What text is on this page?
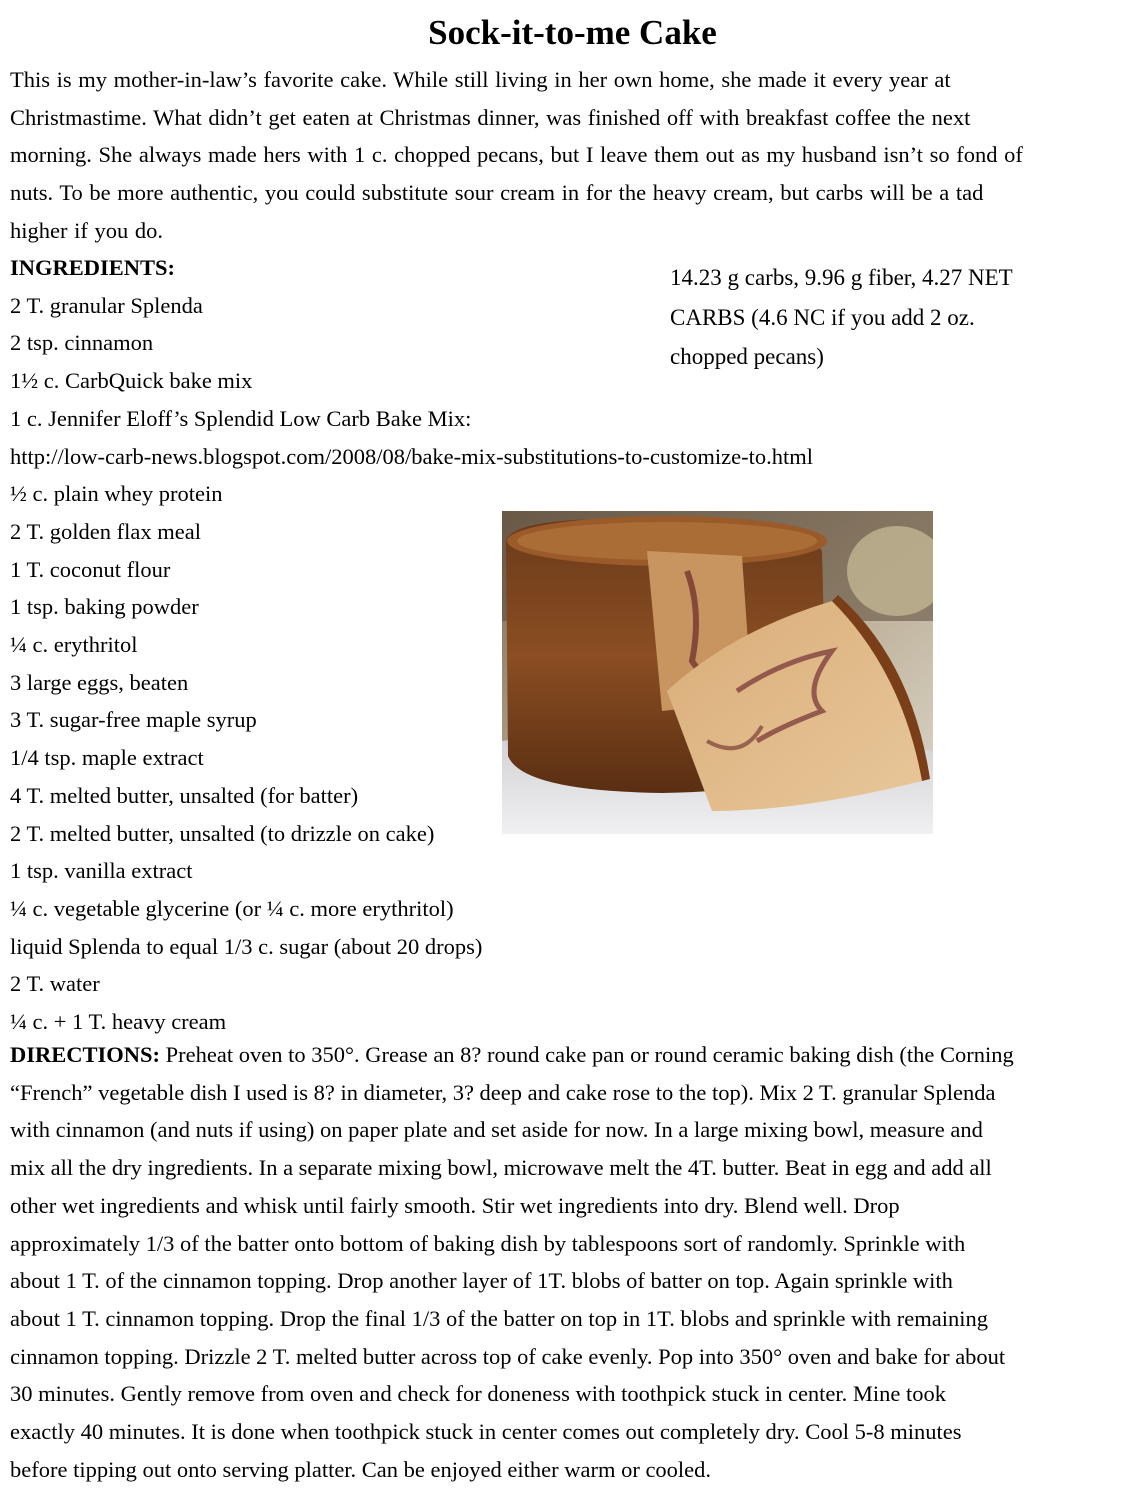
Sock-it-to-me Cake
This is my mother-in-law’s favorite cake. While still living in her own home, she made it every year at
Christmastime. What didn’t get eaten at Christmas dinner, was finished off with breakfast coffee the next
morning. She always made hers with 1 c. chopped pecans, but I leave them out as my husband isn’t so fond of
nuts. To be more authentic, you could substitute sour cream in for the heavy cream, but carbs will be a tad
higher if you do.
14.23 g carbs, 9.96 g fiber, 4.27 NET
CARBS (4.6 NC if you add 2 oz.
chopped pecans)
INGREDIENTS:
2 T. granular Splenda
2 tsp. cinnamon
1½ c. CarbQuick bake mix
1 c. Jennifer Eloff’s Splendid Low Carb Bake Mix:
http://low-carb-news.blogspot.com/2008/08/bake-mix-substitutions-to-customize-to.html
½ c. plain whey protein
2 T. golden flax meal
1 T. coconut flour
1 tsp. baking powder
¼ c. erythritol
3 large eggs, beaten
3 T. sugar-free maple syrup
1/4 tsp. maple extract
4 T. melted butter, unsalted (for batter)
2 T. melted butter, unsalted (to drizzle on cake)
1 tsp. vanilla extract
¼ c. vegetable glycerine (or ¼ c. more erythritol)
liquid Splenda to equal 1/3 c. sugar (about 20 drops)
2 T. water
¼ c. + 1 T. heavy cream
DIRECTIONS: Preheat oven to 350°. Grease an 8? round cake pan or round ceramic baking dish (the Corning
“French” vegetable dish I used is 8? in diameter, 3? deep and cake rose to the top). Mix 2 T. granular Splenda
with cinnamon (and nuts if using) on paper plate and set aside for now. In a large mixing bowl, measure and
mix all the dry ingredients. In a separate mixing bowl, microwave melt the 4T. butter. Beat in egg and add all
other wet ingredients and whisk until fairly smooth. Stir wet ingredients into dry. Blend well. Drop
approximately 1/3 of the batter onto bottom of baking dish by tablespoons sort of randomly. Sprinkle with
about 1 T. of the cinnamon topping. Drop another layer of 1T. blobs of batter on top. Again sprinkle with
about 1 T. cinnamon topping. Drop the final 1/3 of the batter on top in 1T. blobs and sprinkle with remaining
cinnamon topping. Drizzle 2 T. melted butter across top of cake evenly. Pop into 350° oven and bake for about
30 minutes. Gently remove from oven and check for doneness with toothpick stuck in center. Mine took
exactly 40 minutes. It is done when toothpick stuck in center comes out completely dry. Cool 5-8 minutes
before tipping out onto serving platter. Can be enjoyed either warm or cooled.
